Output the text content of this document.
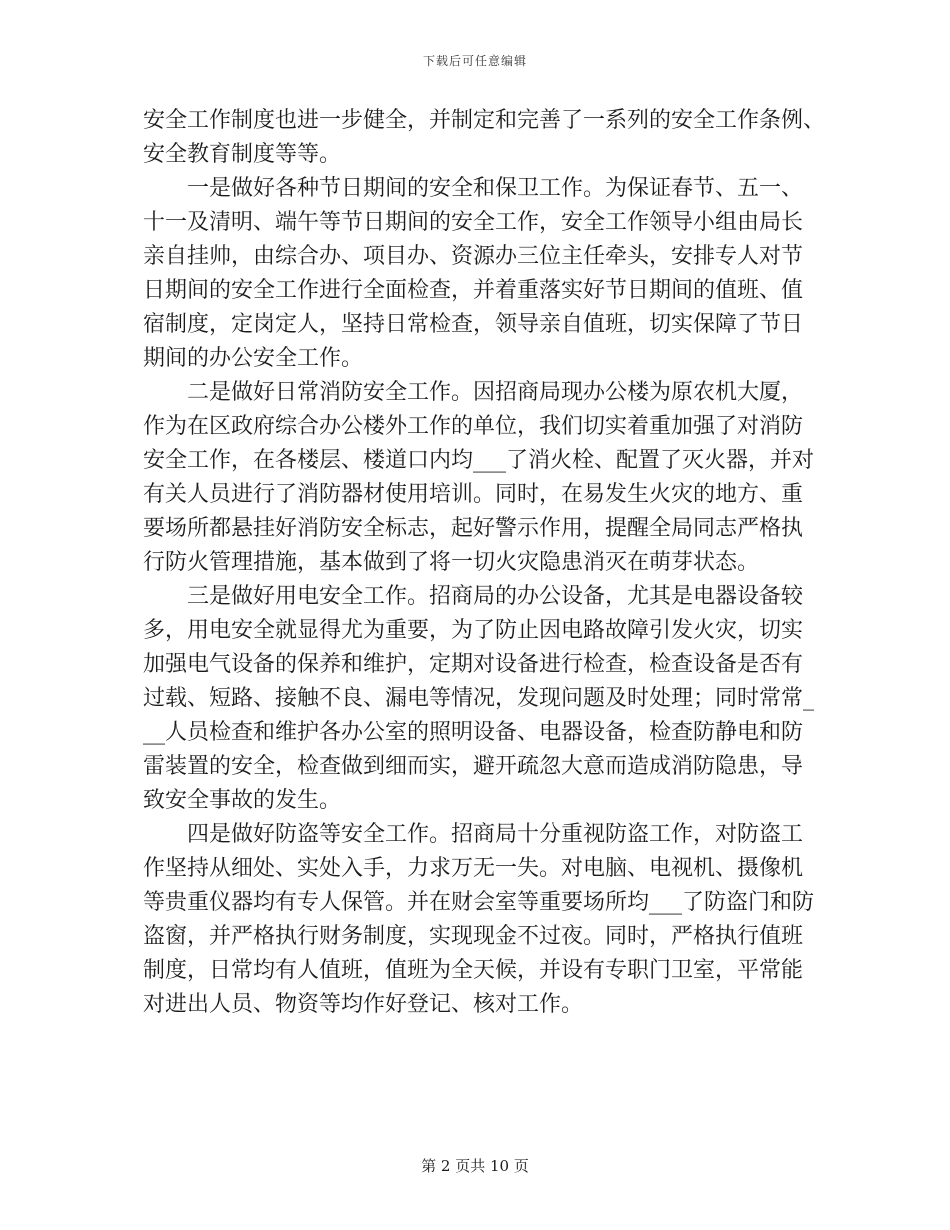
下载后可任意编辑
安全工作制度也进一步健全，并制定和完善了一系列的安全工作条例、
安全教育制度等等。
一是做好各种节日期间的安全和保卫工作。为保证春节、五一、
十一及清明、端午等节日期间的安全工作，安全工作领导小组由局长
亲自挂帅，由综合办、项目办、资源办三位主任牵头，安排专人对节
日期间的安全工作进行全面检查，并着重落实好节日期间的值班、值
宿制度，定岗定人，坚持日常检查，领导亲自值班，切实保障了节日
期间的办公安全工作。
二是做好日常消防安全工作。因招商局现办公楼为原农机大厦，
作为在区政府综合办公楼外工作的单位，我们切实着重加强了对消防
安全工作，在各楼层、楼道口内均___了消火栓、配置了灭火器，并对
有关人员进行了消防器材使用培训。同时，在易发生火灾的地方、重
要场所都悬挂好消防安全标志，起好警示作用，提醒全局同志严格执
行防火管理措施，基本做到了将一切火灾隐患消灭在萌芽状态。
三是做好用电安全工作。招商局的办公设备，尤其是电器设备较
多，用电安全就显得尤为重要，为了防止因电路故障引发火灾，切实
加强电气设备的保养和维护，定期对设备进行检查，检查设备是否有
过载、短路、接触不良、漏电等情况，发现问题及时处理；同时常常_
__人员检查和维护各办公室的照明设备、电器设备，检查防静电和防
雷装置的安全，检查做到细而实，避开疏忽大意而造成消防隐患，导
致安全事故的发生。
四是做好防盗等安全工作。招商局十分重视防盗工作，对防盗工
作坚持从细处、实处入手，力求万无一失。对电脑、电视机、摄像机
等贵重仪器均有专人保管。并在财会室等重要场所均___了防盗门和防
盗窗，并严格执行财务制度，实现现金不过夜。同时，严格执行值班
制度，日常均有人值班，值班为全天候，并设有专职门卫室，平常能
对进出人员、物资等均作好登记、核对工作。
第 2 页共 10 页
